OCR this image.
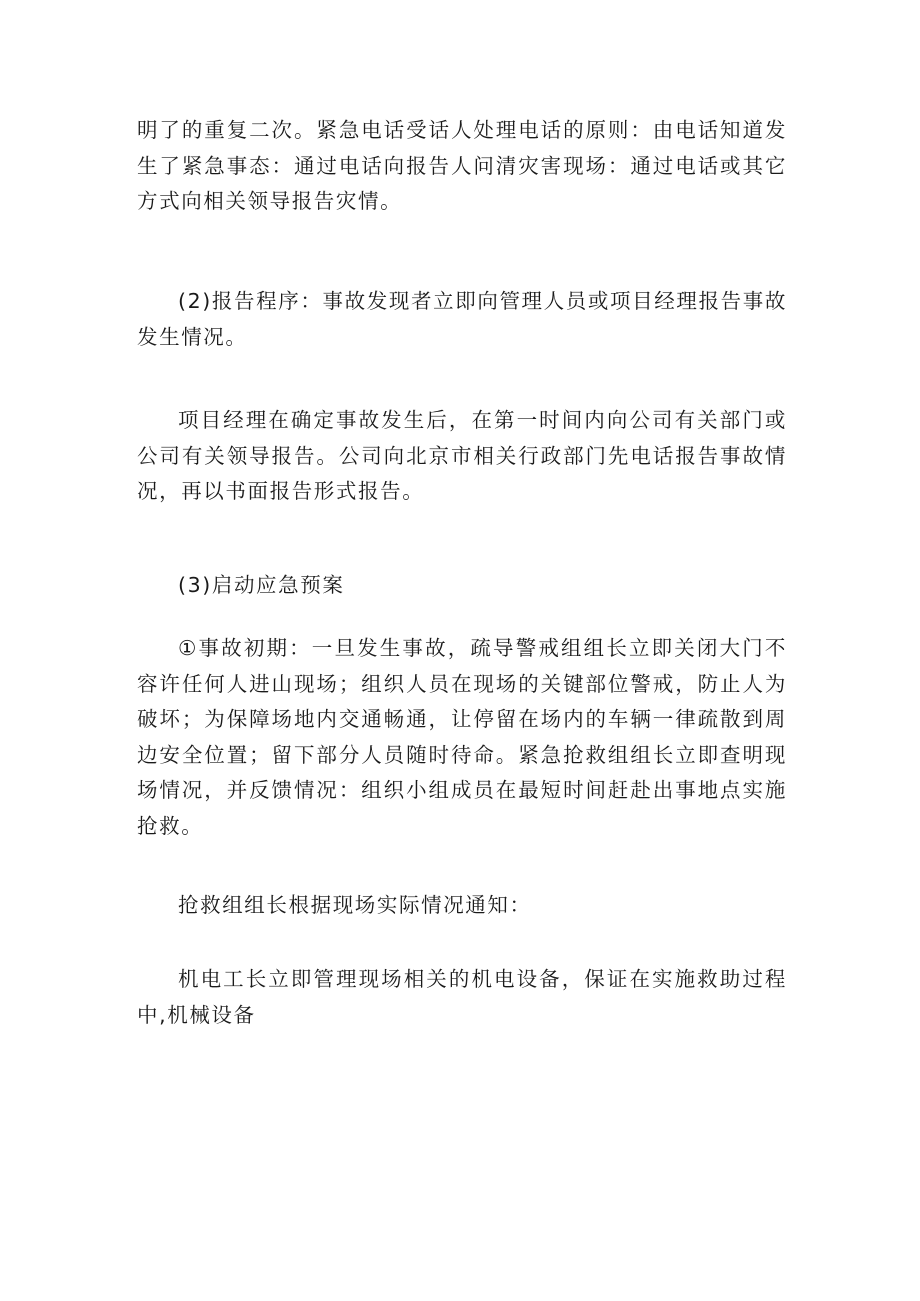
明了的重复二次。紧急电话受话人处理电话的原则：由电话知道发生了紧急事态：通过电话向报告人问清灾害现场：通过电话或其它方式向相关领导报告灾情。

(2)报告程序：事故发现者立即向管理人员或项目经理报告事故发生情况。

项目经理在确定事故发生后，在第一时间内向公司有关部门或公司有关领导报告。公司向北京市相关行政部门先电话报告事故情况，再以书面报告形式报告。

(3)启动应急预案

①事故初期：一旦发生事故，疏导警戒组组长立即关闭大门不容许任何人进山现场；组织人员在现场的关键部位警戒，防止人为破坏；为保障场地内交通畅通，让停留在场内的车辆一律疏散到周边安全位置；留下部分人员随时待命。紧急抢救组组长立即查明现场情况，并反馈情况：组织小组成员在最短时间赶赴出事地点实施抢救。

抢救组组长根据现场实际情况通知：

机电工长立即管理现场相关的机电设备，保证在实施救助过程中,机械设备
